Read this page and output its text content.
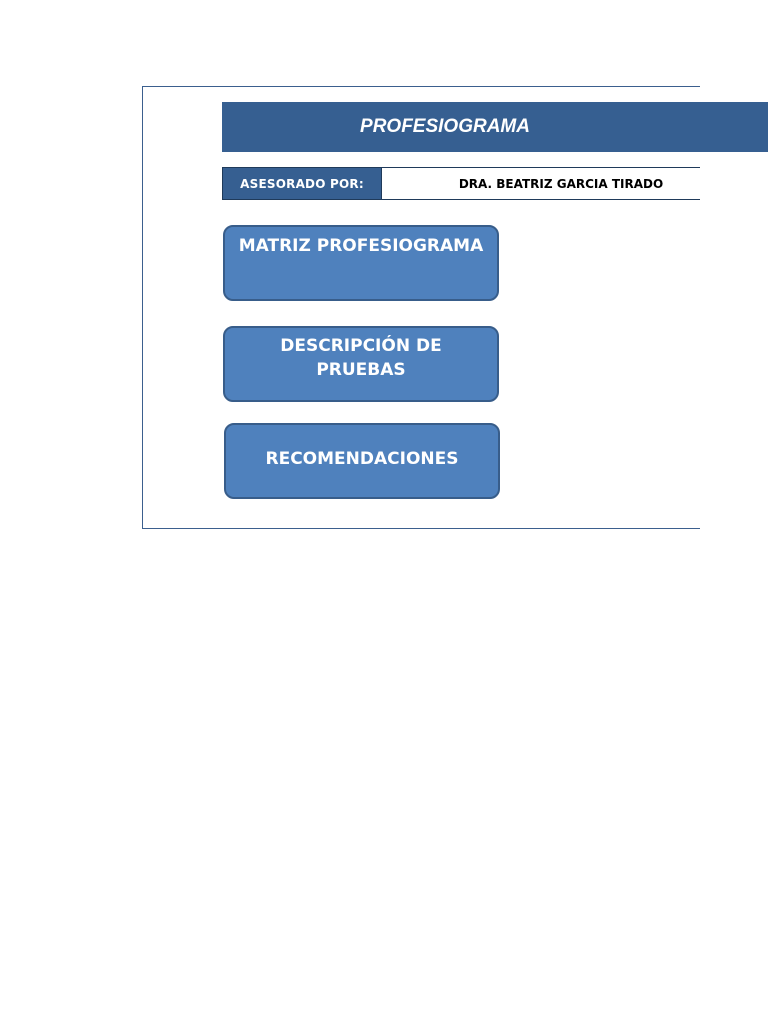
PROFESIOGRAMA
ASESORADO POR:	DRA. BEATRIZ GARCIA TIRADO
MATRIZ PROFESIOGRAMA
DESCRIPCIÓN DE PRUEBAS
RECOMENDACIONES
